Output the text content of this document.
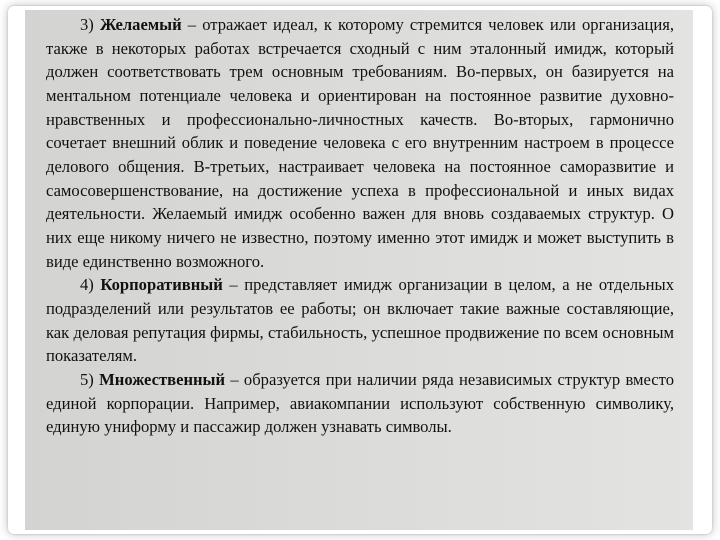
3) Желаемый – отражает идеал, к которому стремится человек или организация, также в некоторых работах встречается сходный с ним эталонный имидж, который должен соответствовать трем основным требованиям. Во-первых, он базируется на ментальном потенциале человека и ориентирован на постоянное развитие духовно-нравственных и профессионально-личностных качеств. Во-вторых, гармонично сочетает внешний облик и поведение человека с его внутренним настроем в процессе делового общения. В-третьих, настраивает человека на постоянное саморазвитие и самосовершенствование, на достижение успеха в профессиональной и иных видах деятельности. Желаемый имидж особенно важен для вновь создаваемых структур. О них еще никому ничего не известно, поэтому именно этот имидж и может выступить в виде единственно возможного.

4) Корпоративный – представляет имидж организации в целом, а не отдельных подразделений или результатов ее работы; он включает такие важные составляющие, как деловая репутация фирмы, стабильность, успешное продвижение по всем основным показателям.

5) Множественный – образуется при наличии ряда независимых структур вместо единой корпорации. Например, авиакомпании используют собственную символику, единую униформу и пассажир должен узнавать символы.
